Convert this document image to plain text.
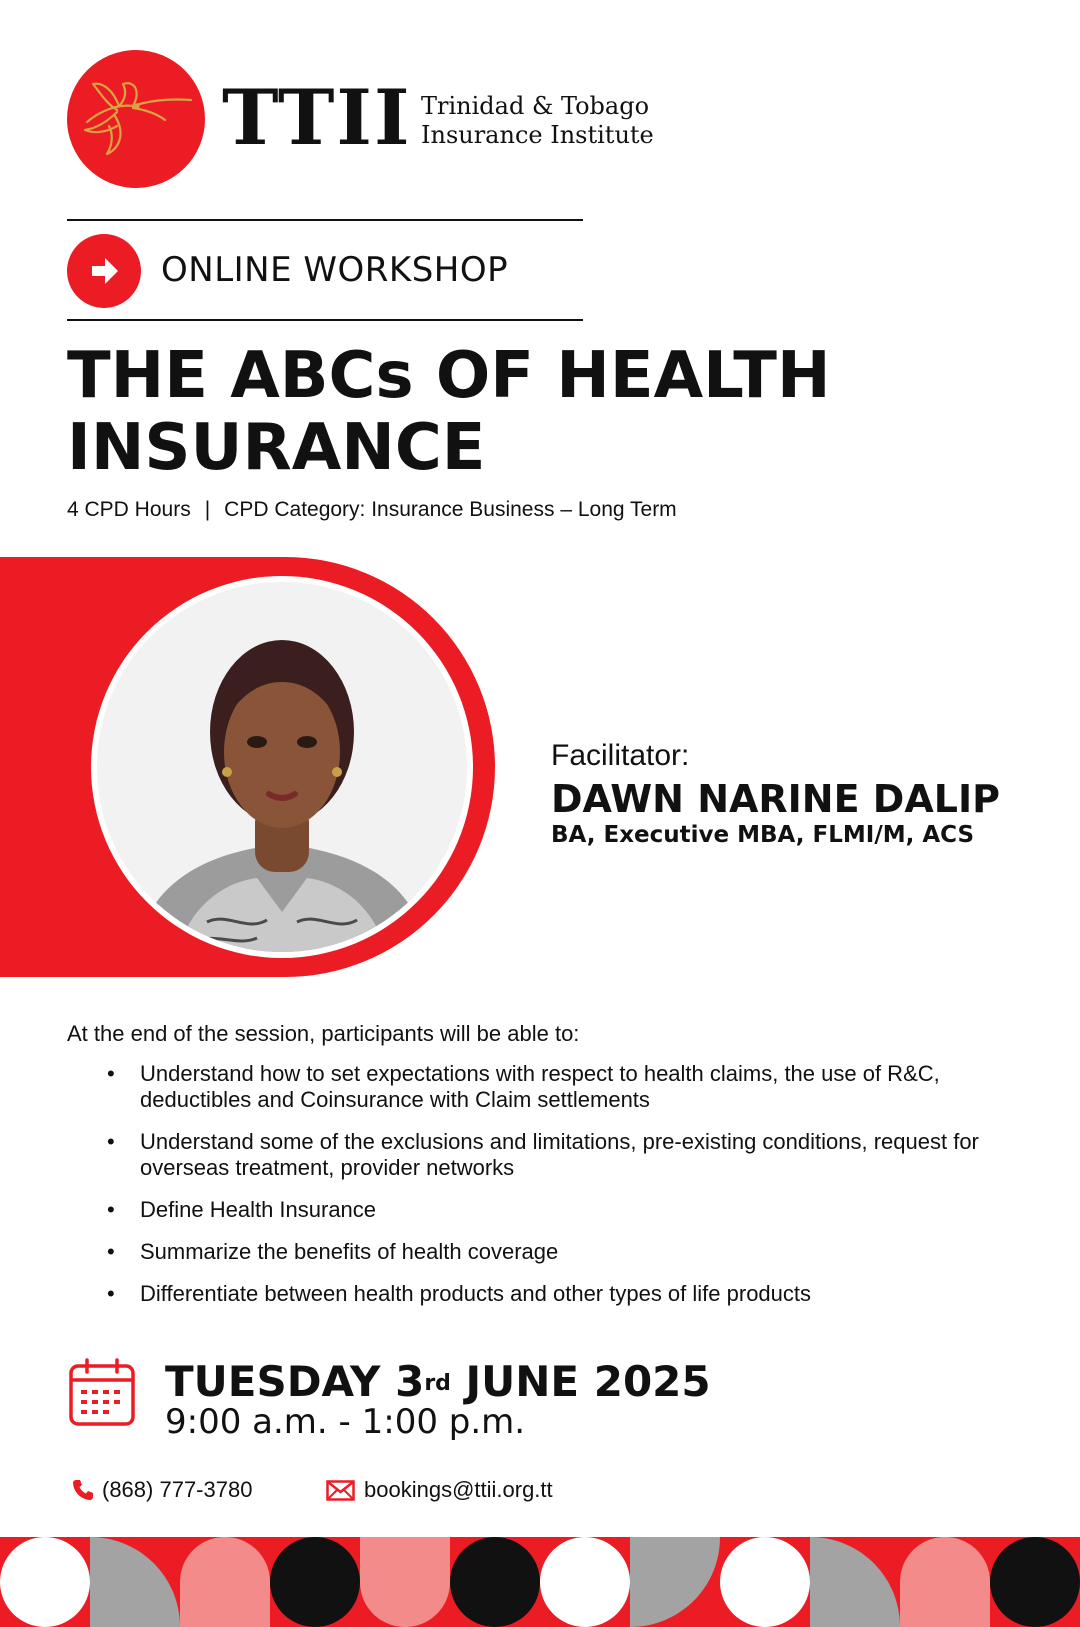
TTII Trinidad & Tobago
Insurance Institute
ONLINE WORKSHOP
THE ABCs OF HEALTH
INSURANCE
4 CPD Hours | CPD Category: Insurance Business – Long Term
Facilitator:
DAWN NARINE DALIP
BA, Executive MBA, FLMI/M, ACS
At the end of the session, participants will be able to:
• Understand how to set expectations with respect to health claims, the use of R&C, deductibles and Coinsurance with Claim settlements
• Understand some of the exclusions and limitations, pre-existing conditions, request for overseas treatment, provider networks
• Define Health Insurance
• Summarize the benefits of health coverage
• Differentiate between health products and other types of life products
TUESDAY 3rd JUNE 2025
9:00 a.m. - 1:00 p.m.
(868) 777-3780	bookings@ttii.org.tt
